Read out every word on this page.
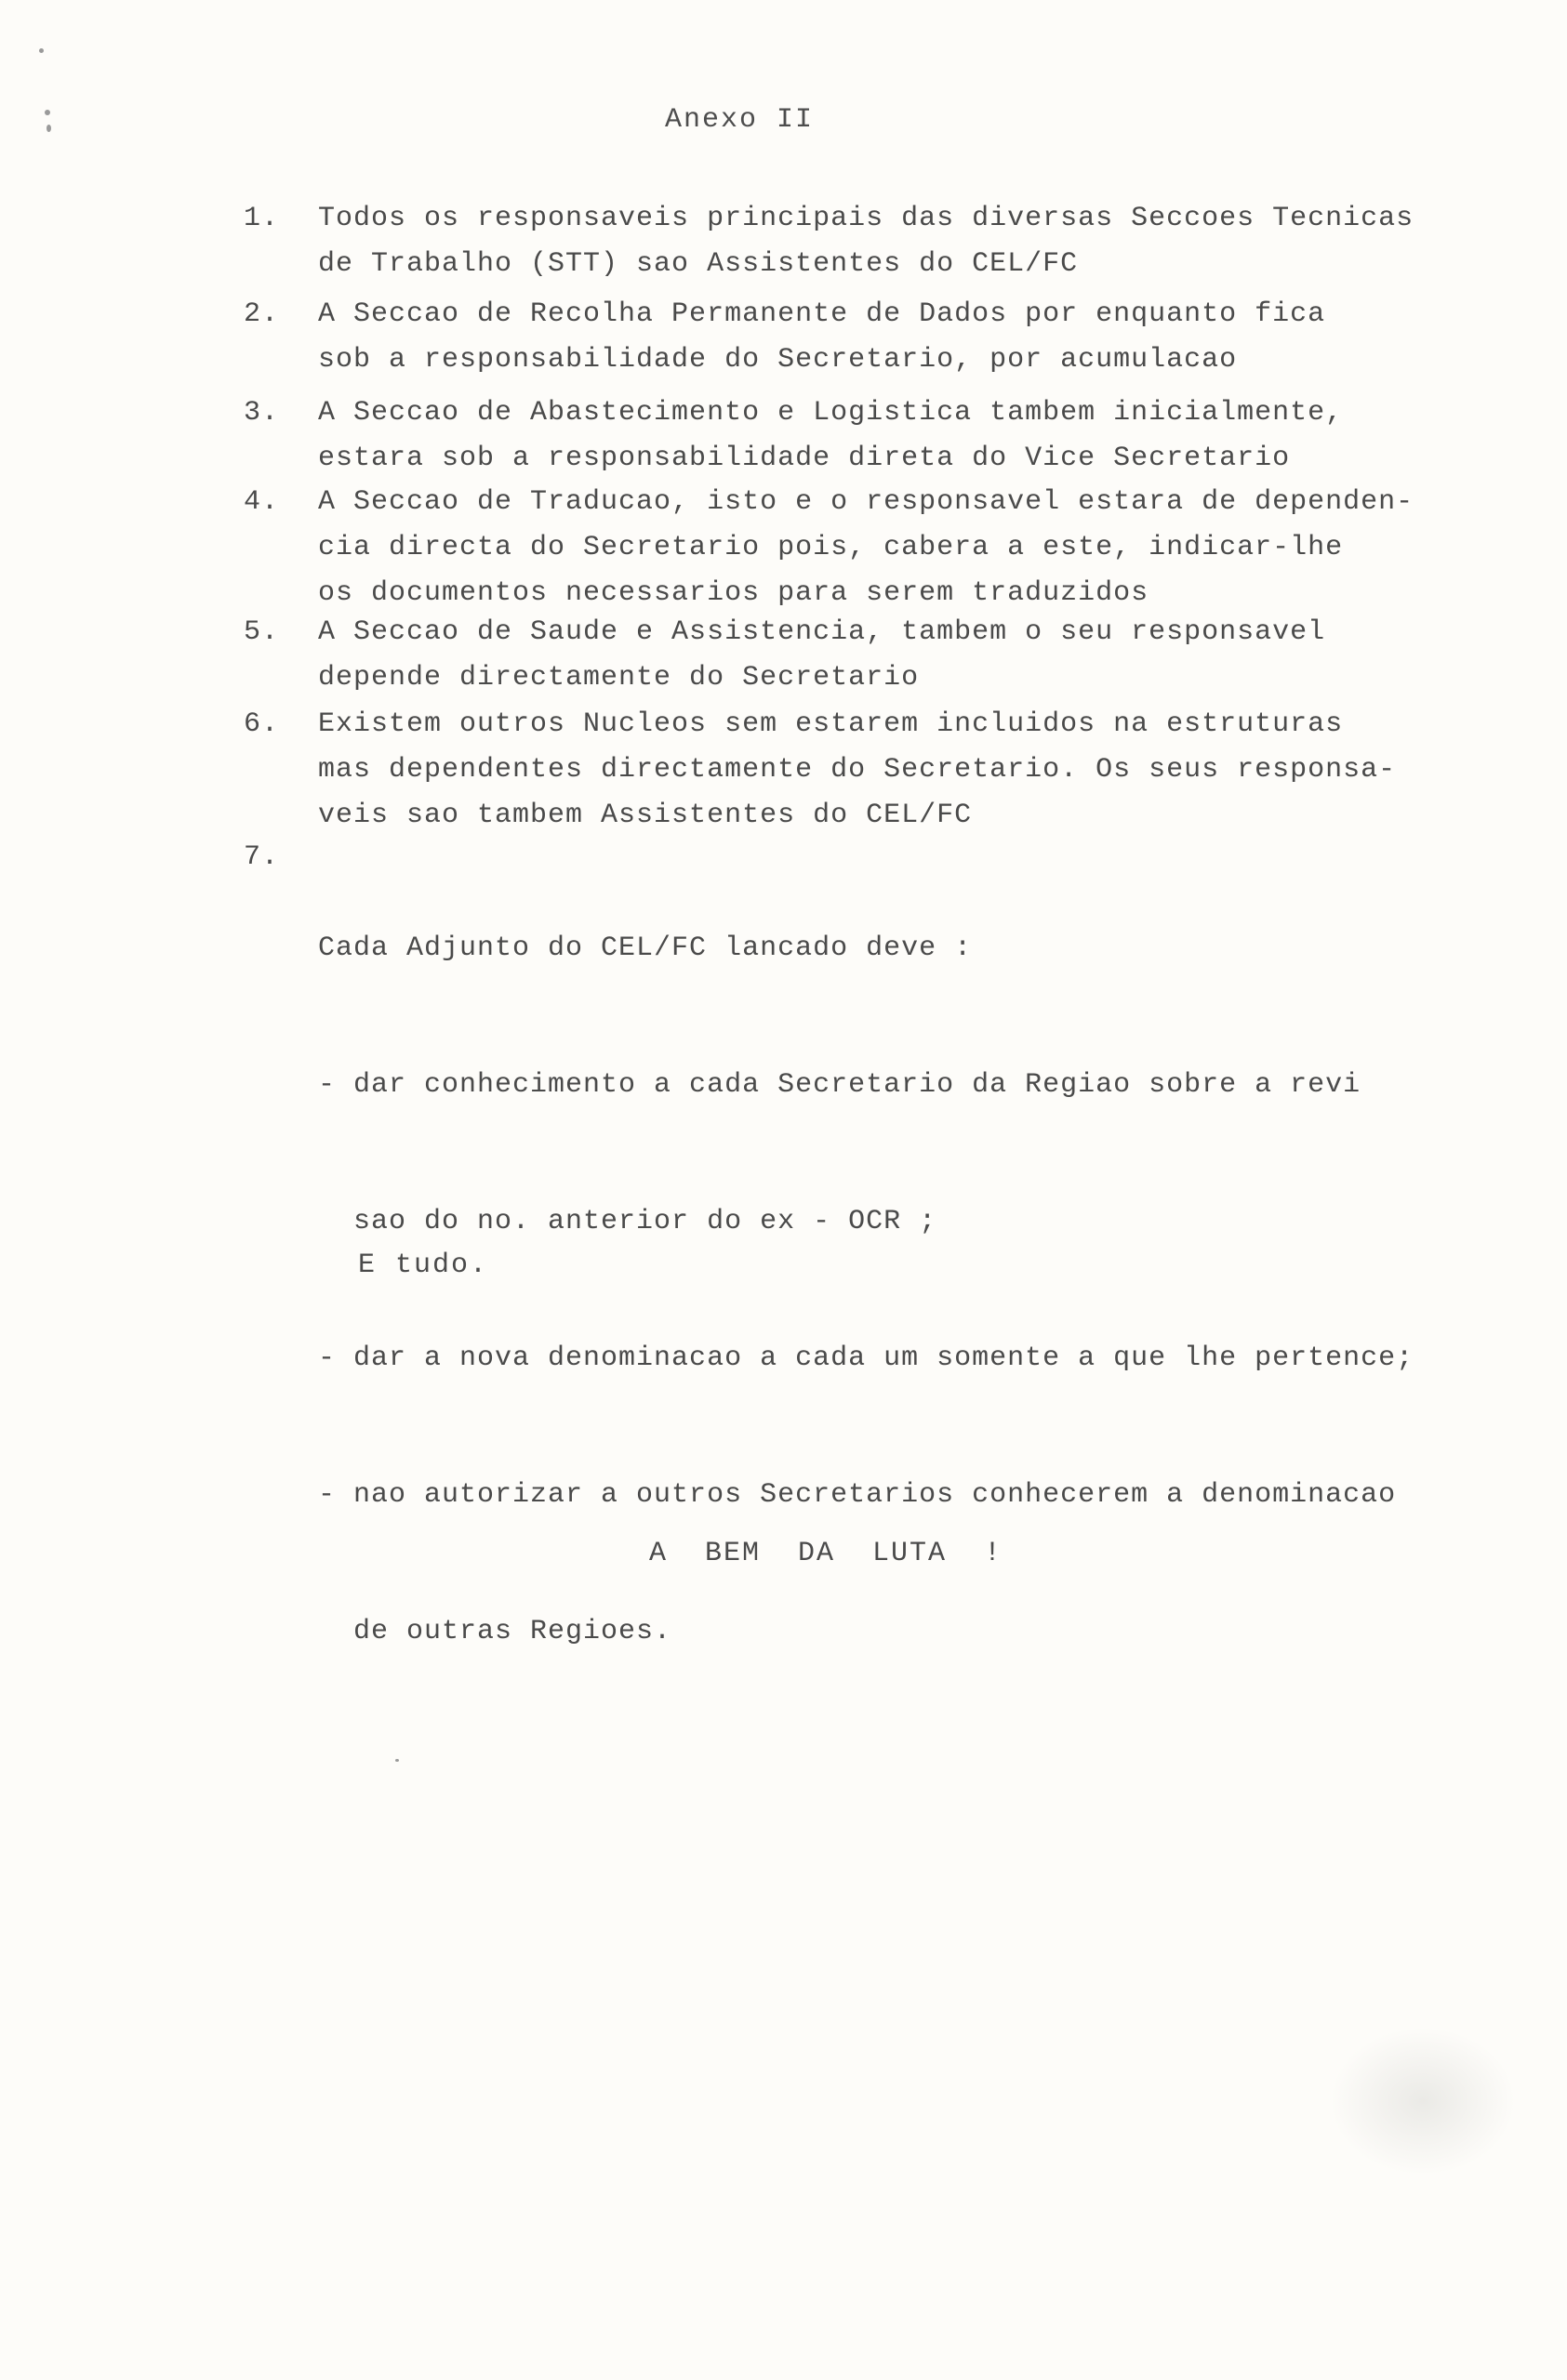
Anexo II
1.	Todos os responsaveis principais das diversas Seccoes Tecnicas
de Trabalho (STT) sao Assistentes do CEL/FC
2.	A Seccao de Recolha Permanente de Dados por enquanto fica
sob a responsabilidade do Secretario, por acumulacao
3.	A Seccao de Abastecimento e Logistica tambem inicialmente,
estara sob a responsabilidade direta do Vice Secretario
4.	A Seccao de Traducao, isto e o responsavel estara de dependen-
cia directa do Secretario pois, cabera a este, indicar-lhe
os documentos necessarios para serem traduzidos
5.	A Seccao de Saude e Assistencia, tambem o seu responsavel
depende directamente do Secretario
6.	Existem outros Nucleos sem estarem incluidos na estruturas
mas dependentes directamente do Secretario. Os seus responsa-
veis sao tambem Assistentes do CEL/FC
7.

Cada Adjunto do CEL/FC lancado deve :

- dar conhecimento a cada Secretario da Regiao sobre a revi

sao do no. anterior do ex - OCR ;

- dar a nova denominacao a cada um somente a que lhe pertence;

- nao autorizar a outros Secretarios conhecerem a denominacao

de outras Regioes.

E tudo.
A BEM DA LUTA !
